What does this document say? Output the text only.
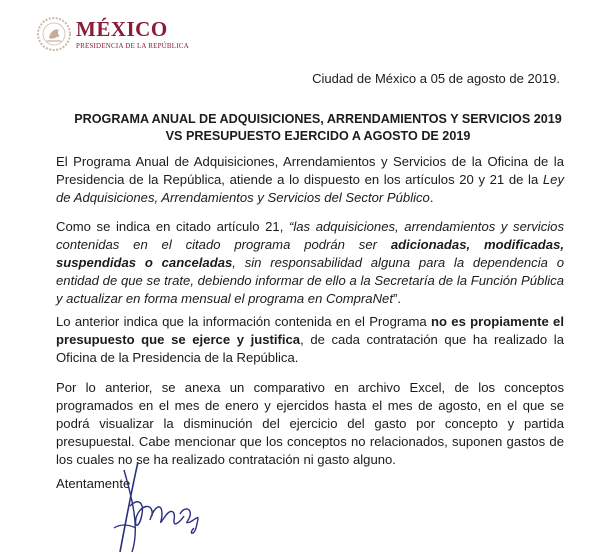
MÉXICO
PRESIDENCIA DE LA REPÚBLICA
Ciudad de México a 05 de agosto de 2019.
PROGRAMA ANUAL DE ADQUISICIONES, ARRENDAMIENTOS Y SERVICIOS 2019
VS PRESUPUESTO EJERCIDO A AGOSTO DE 2019

El Programa Anual de Adquisiciones, Arrendamientos y Servicios de la Oficina de la Presidencia de la República, atiende a lo dispuesto en los artículos 20 y 21 de la Ley de Adquisiciones, Arrendamientos y Servicios del Sector Público.

Como se indica en citado artículo 21, “las adquisiciones, arrendamientos y servicios contenidas en el citado programa podrán ser adicionadas, modificadas, suspendidas o canceladas, sin responsabilidad alguna para la dependencia o entidad de que se trate, debiendo informar de ello a la Secretaría de la Función Pública y actualizar en forma mensual el programa en CompraNet”.

Lo anterior indica que la información contenida en el Programa no es propiamente el presupuesto que se ejerce y justifica, de cada contratación que ha realizado la Oficina de la Presidencia de la República.

Por lo anterior, se anexa un comparativo en archivo Excel, de los conceptos programados en el mes de enero y ejercidos hasta el mes de agosto, en el que se podrá visualizar la disminución del ejercicio del gasto por concepto y partida presupuestal. Cabe mencionar que los conceptos no relacionados, suponen gastos de los cuales no se ha realizado contratación ni gasto alguno.

Atentamente
